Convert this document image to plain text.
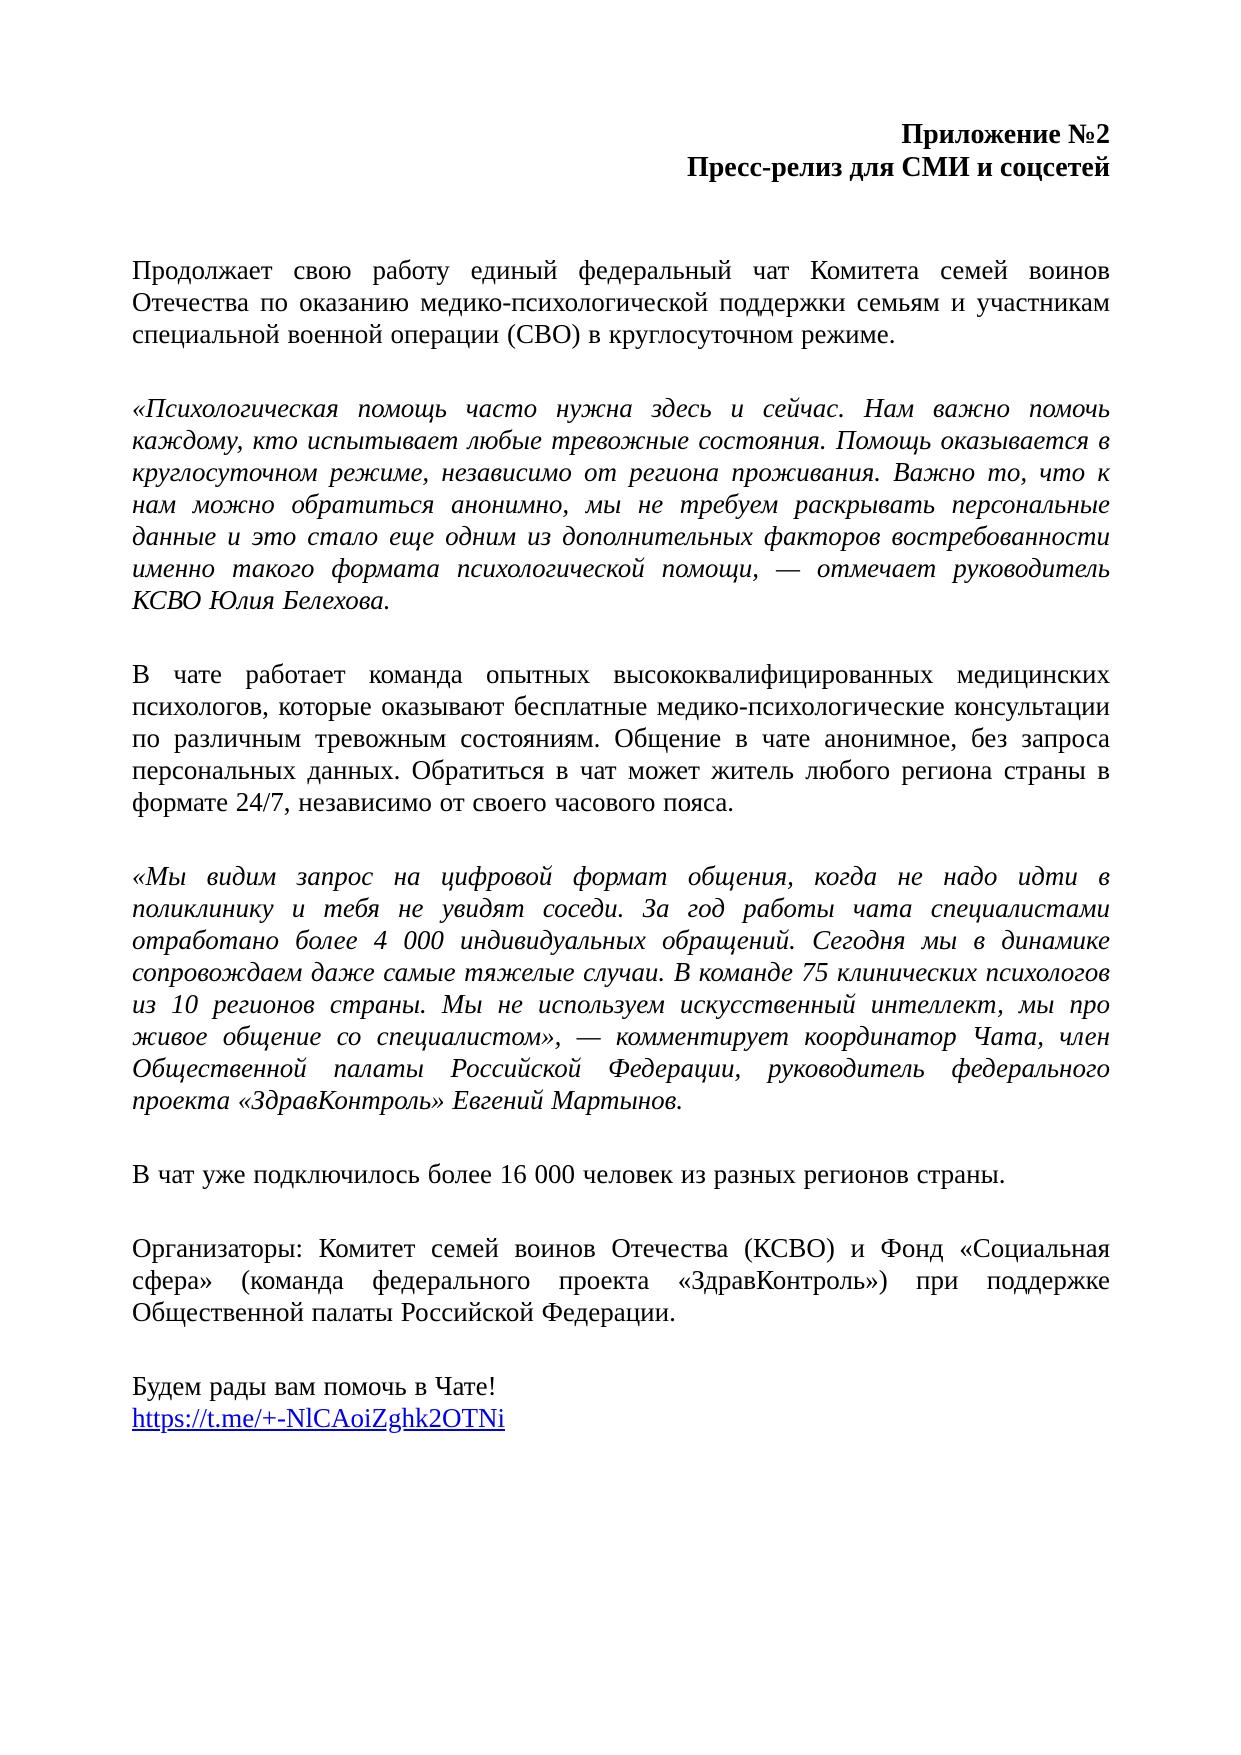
Приложение №2
Пресс-релиз для СМИ и соцсетей

Продолжает свою работу единый федеральный чат Комитета семей воинов Отечества по оказанию медико-психологической поддержки семьям и участникам специальной военной операции (СВО) в круглосуточном режиме.

«Психологическая помощь часто нужна здесь и сейчас. Нам важно помочь каждому, кто испытывает любые тревожные состояния. Помощь оказывается в круглосуточном режиме, независимо от региона проживания. Важно то, что к нам можно обратиться анонимно, мы не требуем раскрывать персональные данные и это стало еще одним из дополнительных факторов востребованности именно такого формата психологической помощи, — отмечает руководитель КСВО Юлия Белехова.

В чате работает команда опытных высококвалифицированных медицинских психологов, которые оказывают бесплатные медико-психологические консультации по различным тревожным состояниям. Общение в чате анонимное, без запроса персональных данных. Обратиться в чат может житель любого региона страны в формате 24/7, независимо от своего часового пояса.

«Мы видим запрос на цифровой формат общения, когда не надо идти в поликлинику и тебя не увидят соседи. За год работы чата специалистами отработано более 4 000 индивидуальных обращений. Сегодня мы в динамике сопровождаем даже самые тяжелые случаи. В команде 75 клинических психологов из 10 регионов страны. Мы не используем искусственный интеллект, мы про живое общение со специалистом», — комментирует координатор Чата, член Общественной палаты Российской Федерации, руководитель федерального проекта «ЗдравКонтроль» Евгений Мартынов.

В чат уже подключилось более 16 000 человек из разных регионов страны.

Организаторы: Комитет семей воинов Отечества (КСВО) и Фонд «Социальная сфера» (команда федерального проекта «ЗдравКонтроль») при поддержке Общественной палаты Российской Федерации.

Будем рады вам помочь в Чате!
https://t.me/+-NlCAoiZghk2OTNi
